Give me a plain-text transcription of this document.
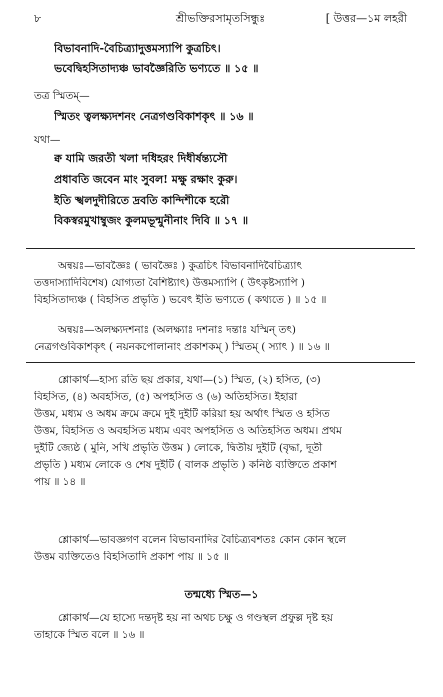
৮	শ্রীভক্তিরসামৃতসিন্ধুঃ	[ উত্তর—১ম লহরী
বিভাবনাদি-বৈচিত্র্যাদুত্তমস্যাপি কুত্রচিৎ।
ভবেদ্বিহসিতাদ্যঞ্চ ভাবজ্ঞৈরিতি ভণ্যতে ॥ ১৫ ॥
তত্র স্মিতম্—
স্মিতং ত্বলক্ষ্যদশনং নেত্রগণ্ডবিকাশকৃৎ ॥ ১৬ ॥
যথা—
ক্ব যামি জরতী খলা দধিহরং দিধীর্ষন্ত্যসৌ
প্রধাবতি জবেন মাং সুবল! মক্ষু রক্ষাং কুরু।
ইতি স্খলদুদীরিতে দ্রবতি কান্দিশীকে হরৌ
বিকস্বরমুখাম্বুজং কুলমভূন্মুনীনাং দিবি ॥ ১৭ ॥
অন্বয়ঃ—ভাবজ্ঞৈঃ ( ভাবজ্ঞৈঃ ) কুত্রচিৎ বিভাবনাদিবৈচিত্র্যাৎ
তত্তদাস্যাদিবিশেষ) যোগ্যতা বৈশিষ্ট্যাৎ) উত্তমস্যাপি ( উৎকৃষ্টস্যাপি )
বিহসিতাদ্যঞ্চ ( বিহসিত প্রভৃতি ) ভবেৎ ইতি ভণ্যতে ( কথ্যতে ) ॥ ১৫ ॥
অন্বয়ঃ—অলক্ষ্যদশনাঃ (অলক্ষ্যাঃ দশনাঃ দন্তাঃ যস্মিন্ তৎ)
নেত্রগণ্ডবিকাশকৃৎ ( নয়নকপোলানাং প্রকাশকম্ ) স্মিতম্ ( স্যাৎ ) ॥ ১৬ ॥
শ্লোকার্থ—হাস্য রতি ছয় প্রকার, যথা—(১) স্মিত, (২) হসিত, (৩)
বিহসিত, (৪) অবহসিত, (৫) অপহসিত ও (৬) অতিহসিত। ইহারা
উত্তম, মধ্যম ও অধম ক্রমে ক্রমে দুই দুইটি করিয়া হয় অর্থাৎ স্মিত ও হসিত
উত্তম, বিহসিত ও অবহসিত মধ্যম এবং অপহসিত ও অতিহসিত অধম। প্রথম
দুইটি জ্যেষ্ঠ ( মুনি, সখি প্রভৃতি উত্তম ) লোকে, দ্বিতীয় দুইটি (বৃদ্ধা, দূতী
প্রভৃতি ) মধ্যম লোকে ও শেষ দুইটি ( বালক প্রভৃতি ) কনিষ্ঠ ব্যক্তিতে প্রকাশ
পায় ॥ ১৪ ॥
শ্লোকার্থ—ভাবজ্ঞগণ বলেন বিভাবনাদির বৈচিত্র্যবশতঃ কোন কোন স্থলে
উত্তম ব্যক্তিতেও বিহসিতাদি প্রকাশ পায় ॥ ১৫ ॥
তন্মধ্যে স্মিত—১
শ্লোকার্থ—যে হাস্যে দন্তদৃষ্ট হয় না অথচ চক্ষু ও গণ্ডস্থল প্রফুল্ল দৃষ্ট হয়
তাহাকে স্মিত বলে ॥ ১৬ ॥
